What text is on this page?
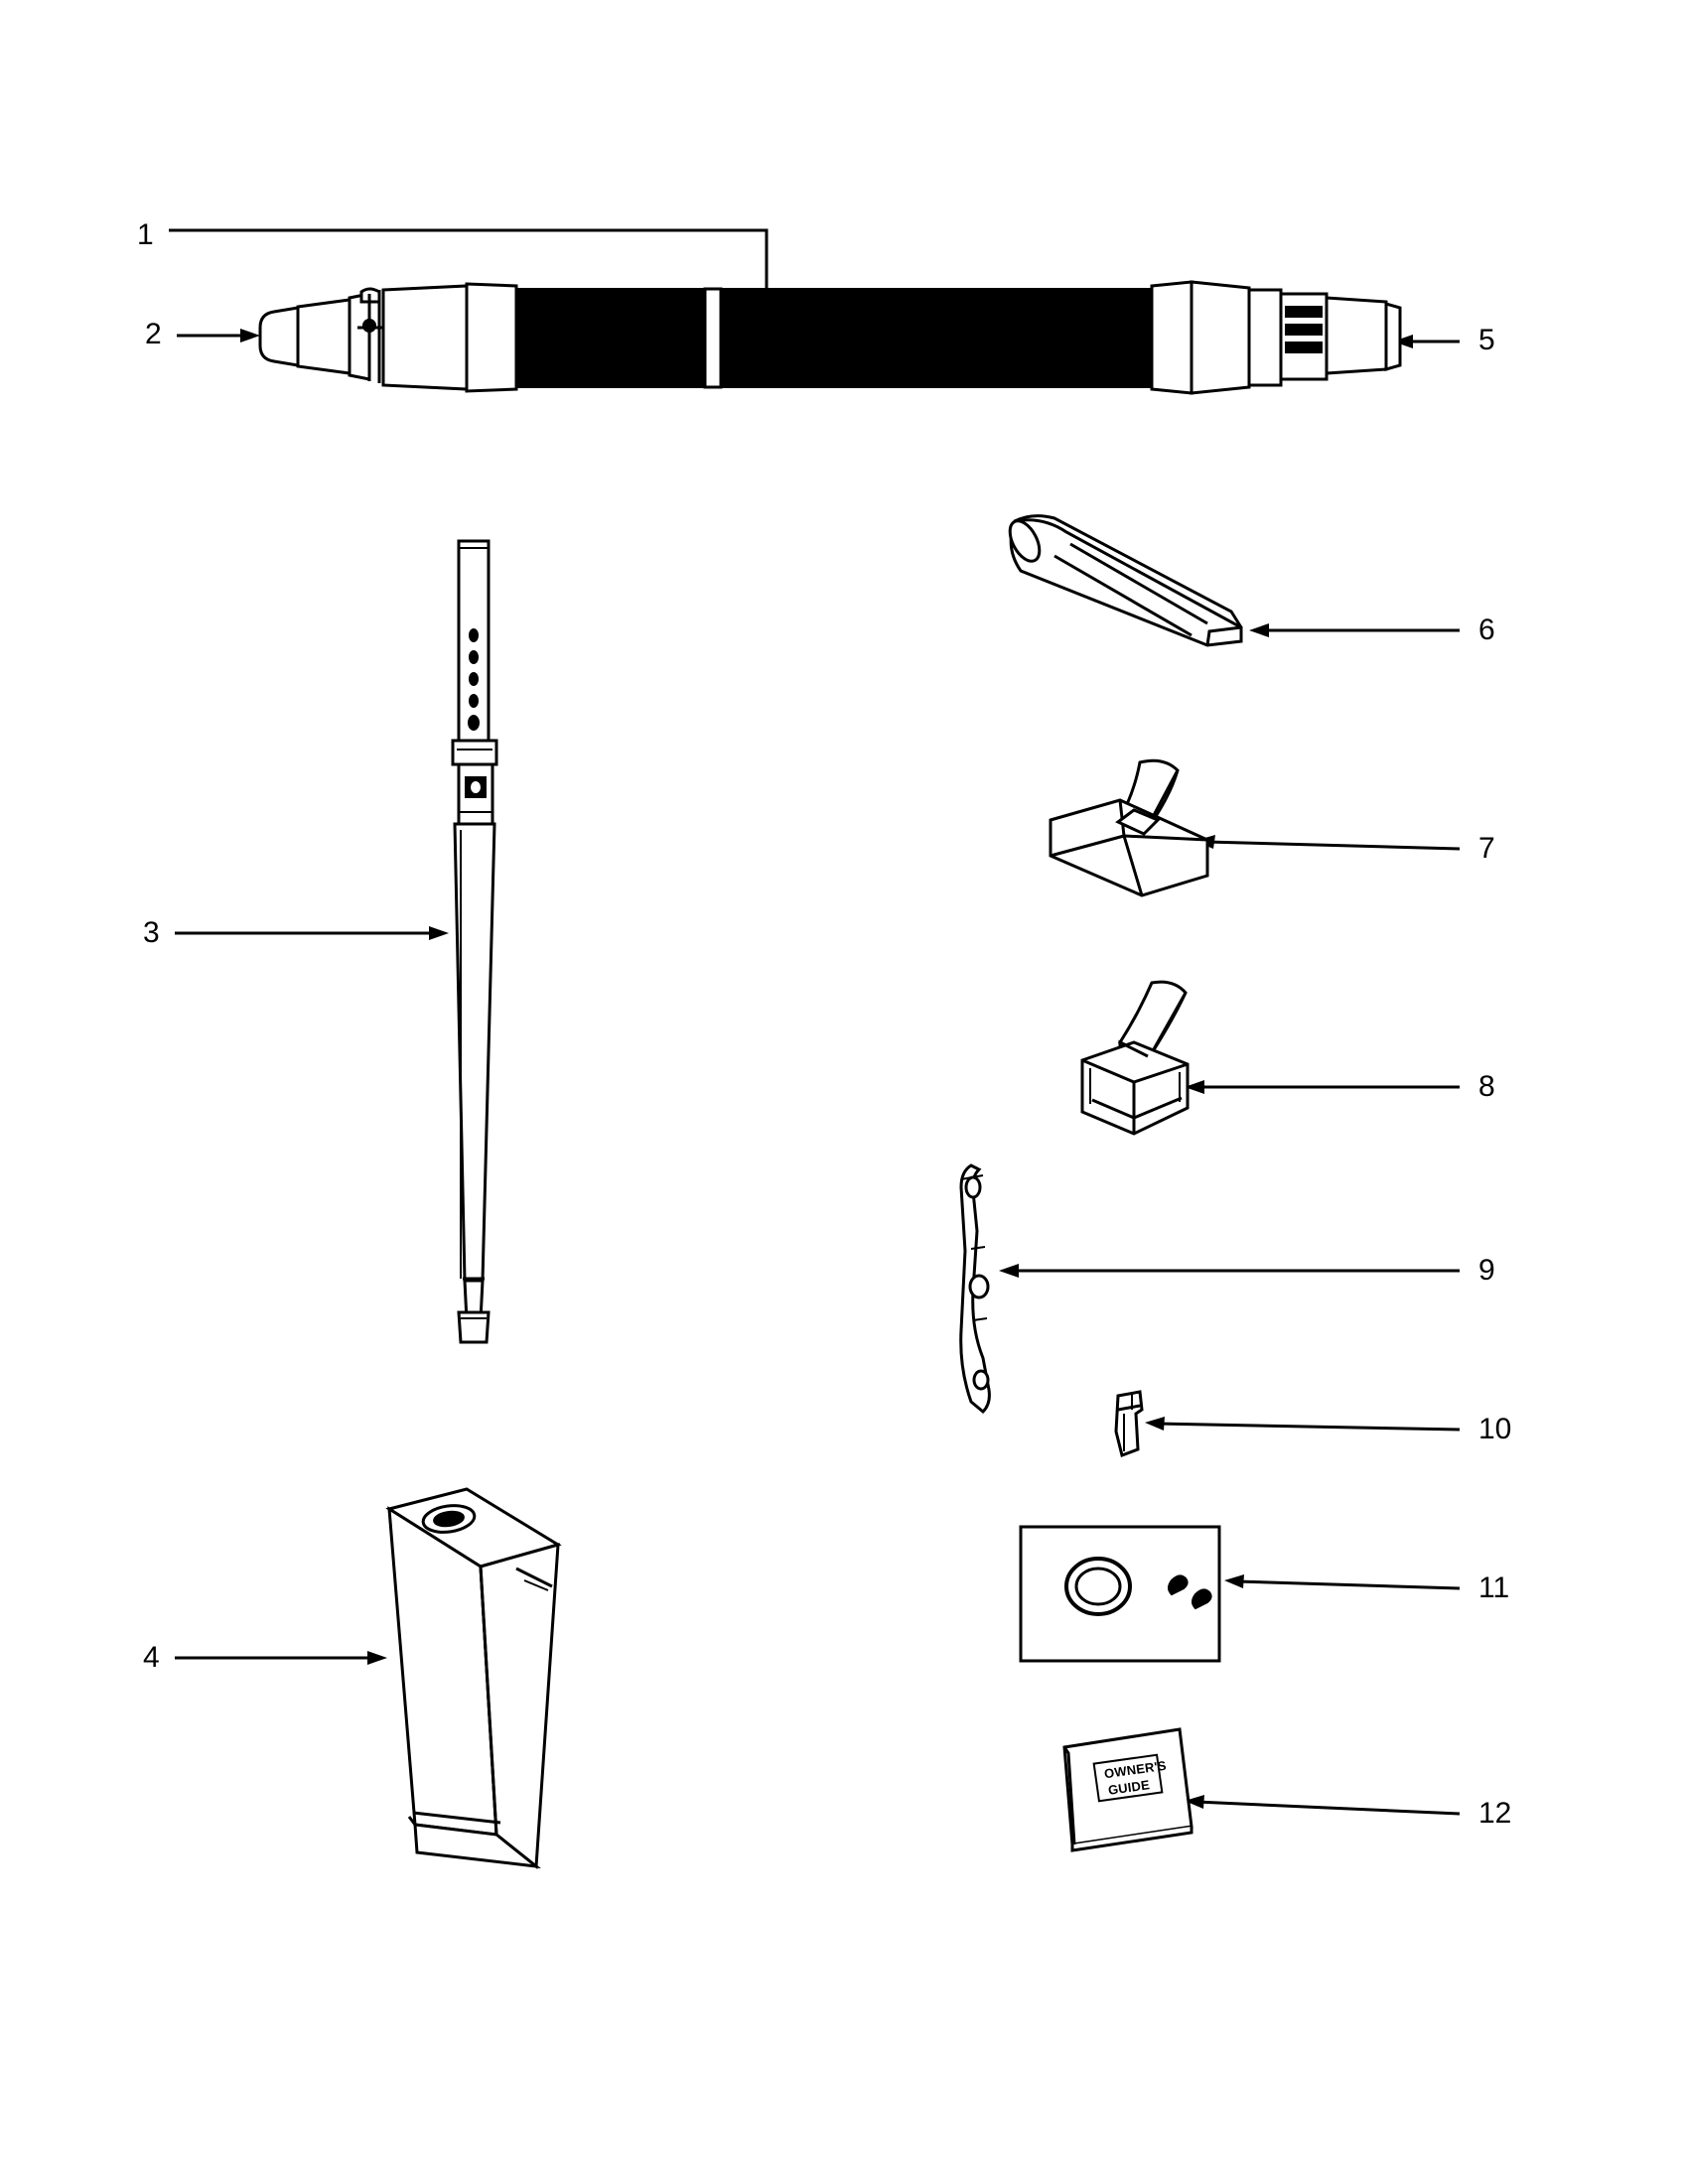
OWNER'S
GUIDE
1
2
3
4
5
6
7
8
9
10
11
12
